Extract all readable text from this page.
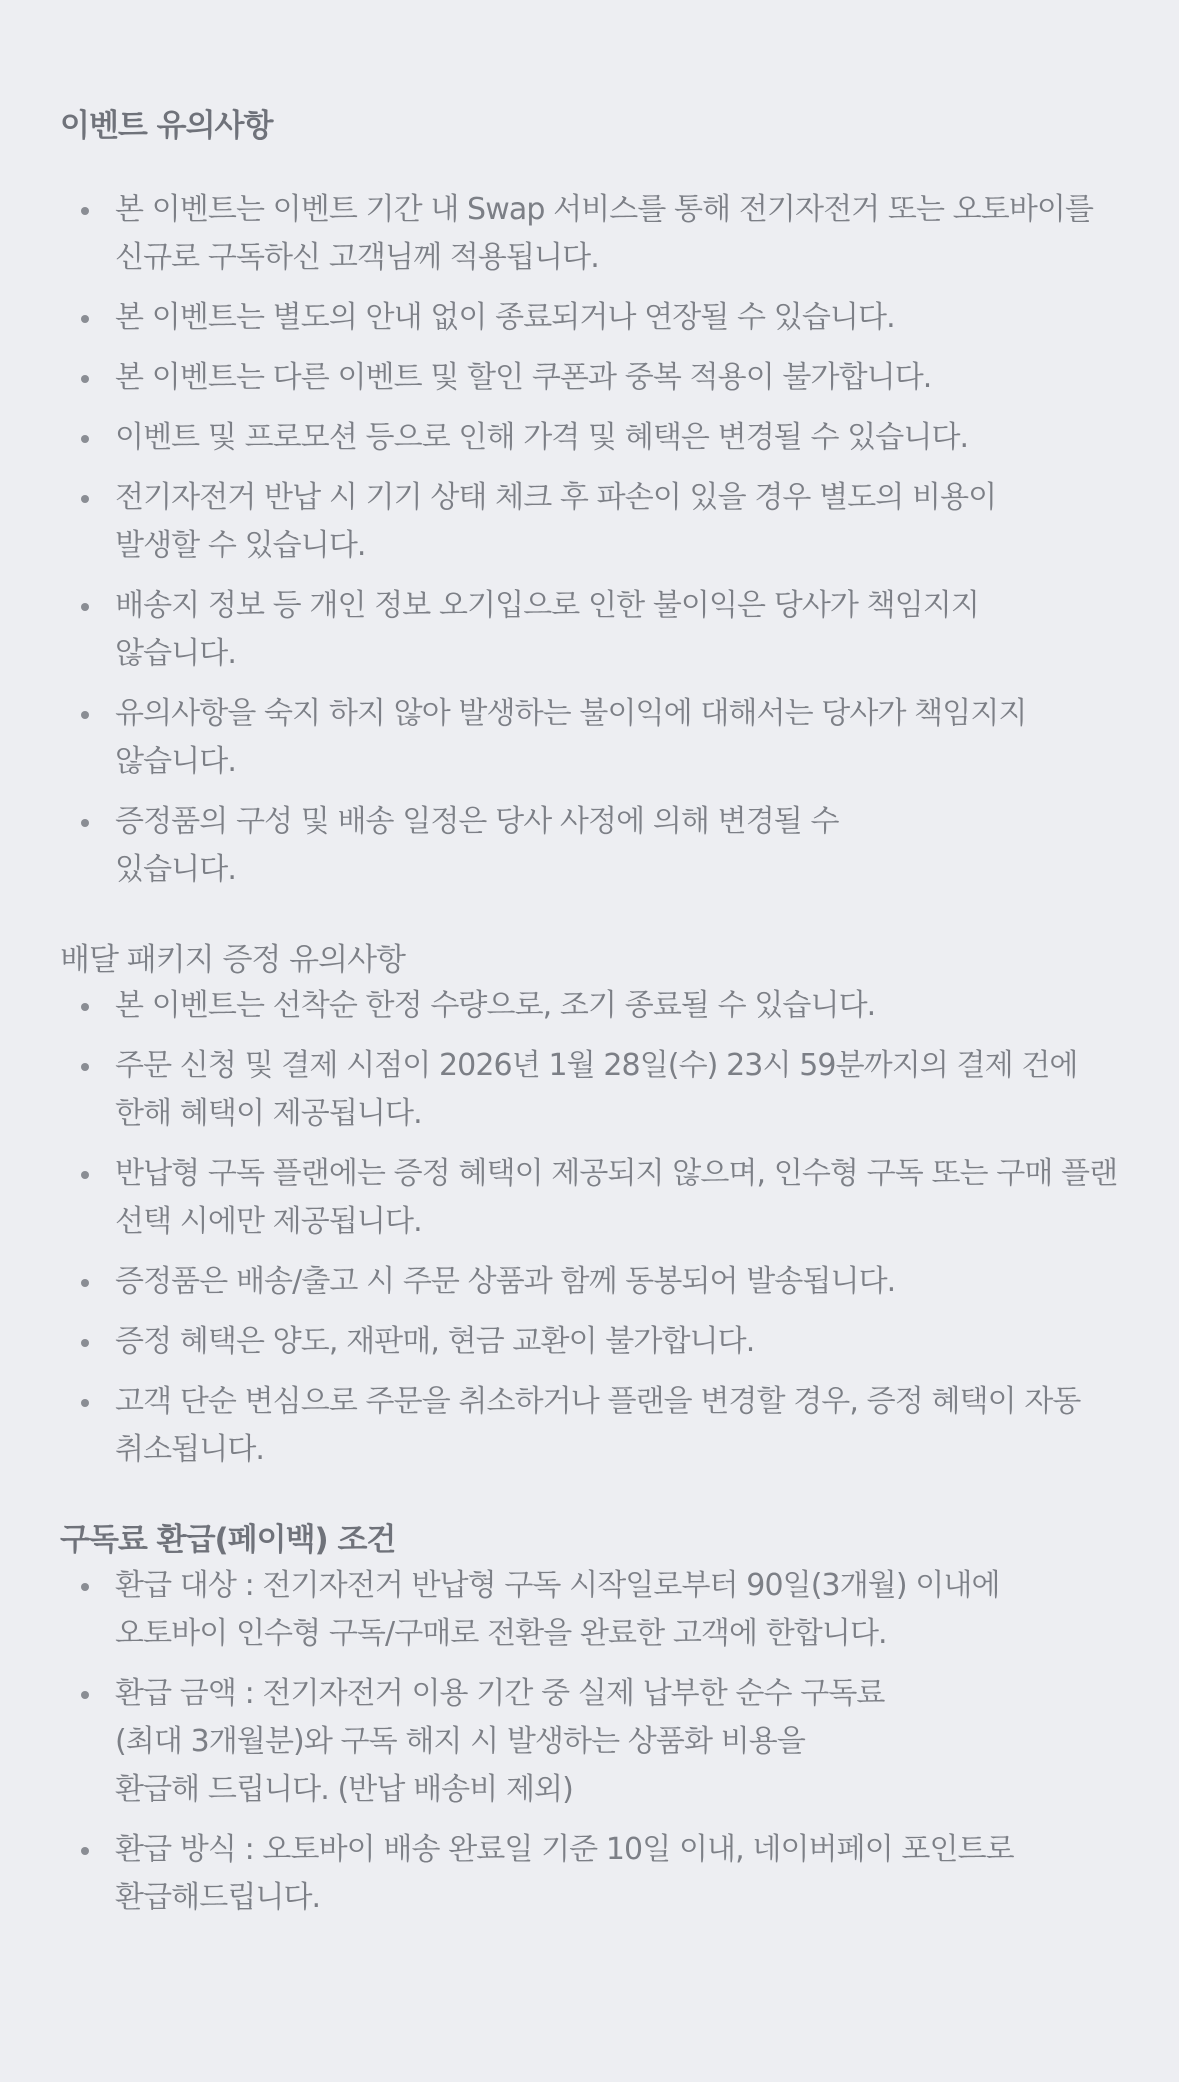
이벤트 유의사항
본 이벤트는 이벤트 기간 내 Swap 서비스를 통해 전기자전거 또는 오토바이를 신규로 구독하신 고객님께 적용됩니다.
본 이벤트는 별도의 안내 없이 종료되거나 연장될 수 있습니다.
본 이벤트는 다른 이벤트 및 할인 쿠폰과 중복 적용이 불가합니다.
이벤트 및 프로모션 등으로 인해 가격 및 혜택은 변경될 수 있습니다.
전기자전거 반납 시 기기 상태 체크 후 파손이 있을 경우 별도의 비용이
발생할 수 있습니다.
배송지 정보 등 개인 정보 오기입으로 인한 불이익은 당사가 책임지지
않습니다.
유의사항을 숙지 하지 않아 발생하는 불이익에 대해서는 당사가 책임지지
않습니다.
증정품의 구성 및 배송 일정은 당사 사정에 의해 변경될 수
있습니다.
배달 패키지 증정 유의사항
본 이벤트는 선착순 한정 수량으로, 조기 종료될 수 있습니다.
주문 신청 및 결제 시점이 2026년 1월 28일(수) 23시 59분까지의 결제 건에 한해 혜택이 제공됩니다.
반납형 구독 플랜에는 증정 혜택이 제공되지 않으며, 인수형 구독 또는 구매 플랜 선택 시에만 제공됩니다.
증정품은 배송/출고 시 주문 상품과 함께 동봉되어 발송됩니다.
증정 혜택은 양도, 재판매, 현금 교환이 불가합니다.
고객 단순 변심으로 주문을 취소하거나 플랜을 변경할 경우, 증정 혜택이 자동 취소됩니다.
구독료 환급(페이백) 조건
환급 대상 : 전기자전거 반납형 구독 시작일로부터 90일(3개월) 이내에
오토바이 인수형 구독/구매로 전환을 완료한 고객에 한합니다.
환급 금액 : 전기자전거 이용 기간 중 실제 납부한 순수 구독료
(최대 3개월분)와 구독 해지 시 발생하는 상품화 비용을
환급해 드립니다. (반납 배송비 제외)
환급 방식 : 오토바이 배송 완료일 기준 10일 이내, 네이버페이 포인트로 환급해드립니다.
